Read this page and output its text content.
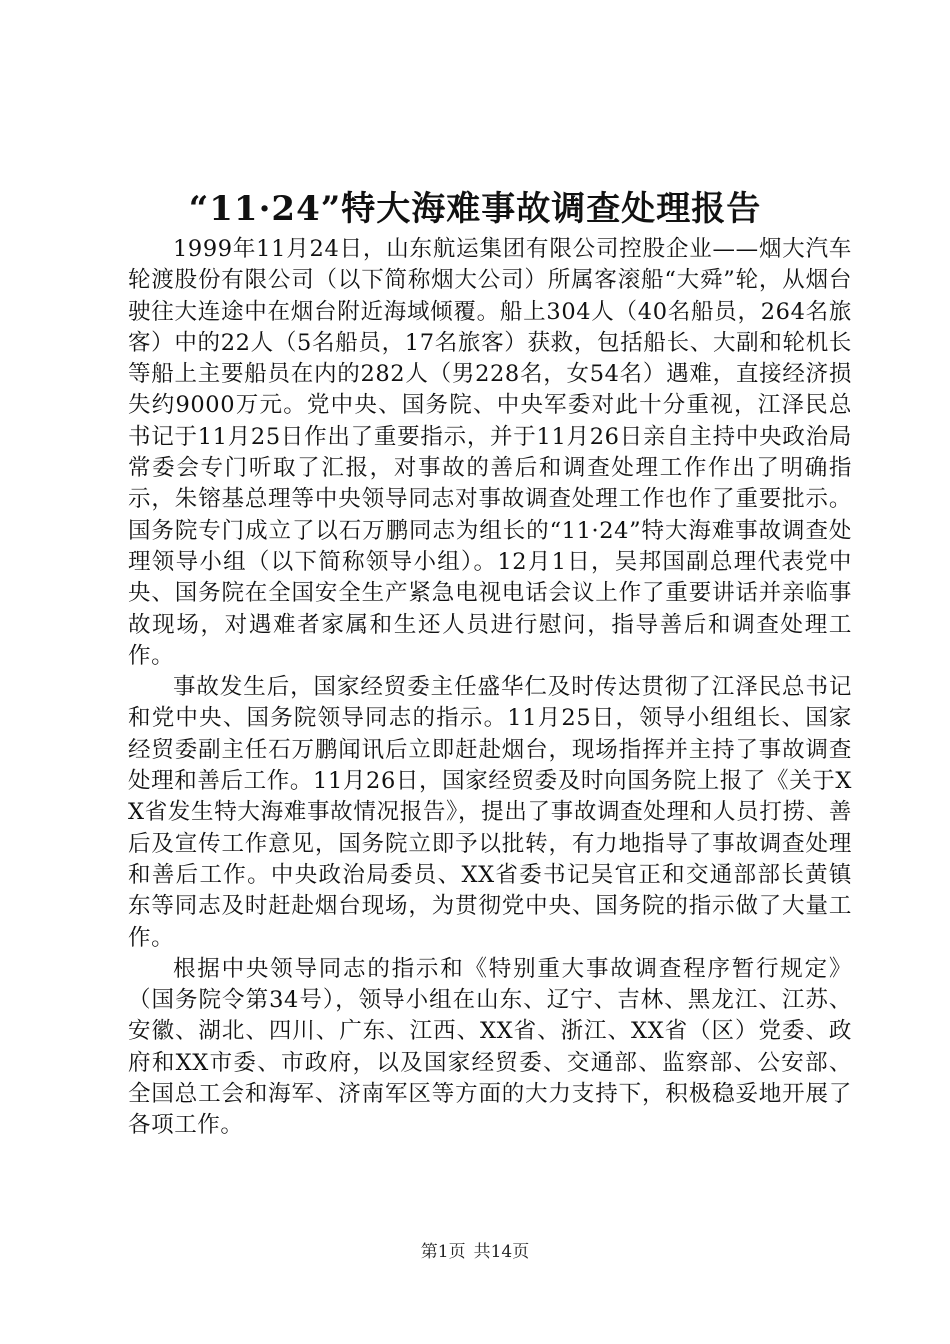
“11·24”特大海难事故调查处理报告

1999年11月24日，山东航运集团有限公司控股企业——烟大汽车轮渡股份有限公司（以下简称烟大公司）所属客滚船“大舜”轮，从烟台驶往大连途中在烟台附近海域倾覆。船上304人（40名船员，264名旅客）中的22人（5名船员，17名旅客）获救，包括船长、大副和轮机长等船上主要船员在内的282人（男228名，女54名）遇难，直接经济损失约9000万元。党中央、国务院、中央军委对此十分重视，江泽民总书记于11月25日作出了重要指示，并于11月26日亲自主持中央政治局常委会专门听取了汇报，对事故的善后和调查处理工作作出了明确指示，朱镕基总理等中央领导同志对事故调查处理工作也作了重要批示。国务院专门成立了以石万鹏同志为组长的“11·24”特大海难事故调查处理领导小组（以下简称领导小组）。12月1日，吴邦国副总理代表党中央、国务院在全国安全生产紧急电视电话会议上作了重要讲话并亲临事故现场，对遇难者家属和生还人员进行慰问，指导善后和调查处理工作。

事故发生后，国家经贸委主任盛华仁及时传达贯彻了江泽民总书记和党中央、国务院领导同志的指示。11月25日，领导小组组长、国家经贸委副主任石万鹏闻讯后立即赶赴烟台，现场指挥并主持了事故调查处理和善后工作。11月26日，国家经贸委及时向国务院上报了《关于XX省发生特大海难事故情况报告》，提出了事故调查处理和人员打捞、善后及宣传工作意见，国务院立即予以批转，有力地指导了事故调查处理和善后工作。中央政治局委员、XX省委书记吴官正和交通部部长黄镇东等同志及时赶赴烟台现场，为贯彻党中央、国务院的指示做了大量工作。

根据中央领导同志的指示和《特别重大事故调查程序暂行规定》（国务院令第34号），领导小组在山东、辽宁、吉林、黑龙江、江苏、安徽、湖北、四川、广东、江西、XX省、浙江、XX省（区）党委、政府和XX市委、市政府，以及国家经贸委、交通部、监察部、公安部、全国总工会和海军、济南军区等方面的大力支持下，积极稳妥地开展了各项工作。

第1页 共14页
